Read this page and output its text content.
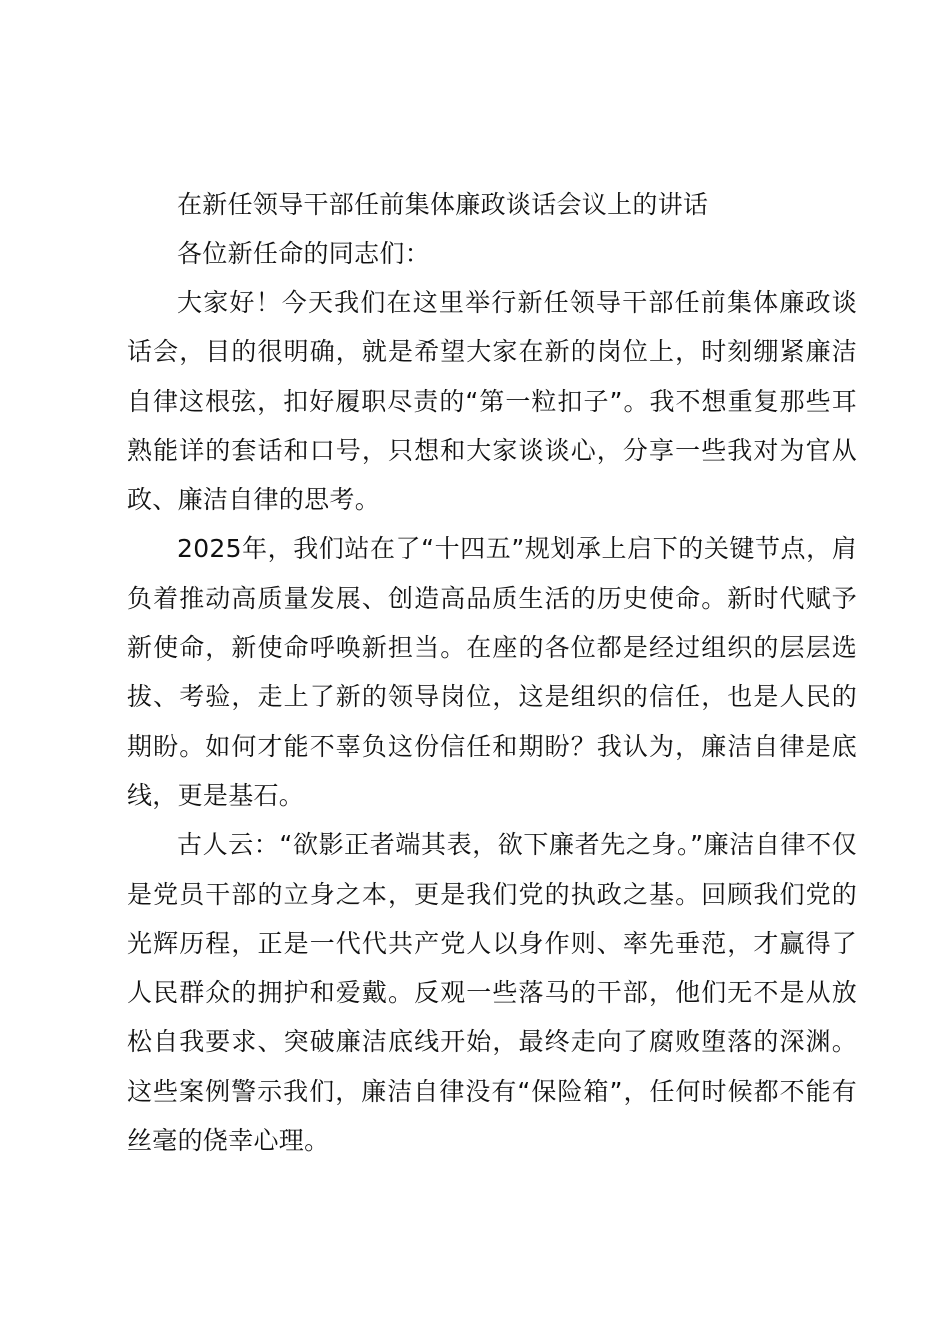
在新任领导干部任前集体廉政谈话会议上的讲话

各位新任命的同志们：

大家好！今天我们在这里举行新任领导干部任前集体廉政谈话会，目的很明确，就是希望大家在新的岗位上，时刻绷紧廉洁自律这根弦，扣好履职尽责的“第一粒扣子”。我不想重复那些耳熟能详的套话和口号，只想和大家谈谈心，分享一些我对为官从政、廉洁自律的思考。

2025年，我们站在了“十四五”规划承上启下的关键节点，肩负着推动高质量发展、创造高品质生活的历史使命。新时代赋予新使命，新使命呼唤新担当。在座的各位都是经过组织的层层选拔、考验，走上了新的领导岗位，这是组织的信任，也是人民的期盼。如何才能不辜负这份信任和期盼？我认为，廉洁自律是底线，更是基石。

古人云：“欲影正者端其表，欲下廉者先之身。”廉洁自律不仅是党员干部的立身之本，更是我们党的执政之基。回顾我们党的光辉历程，正是一代代共产党人以身作则、率先垂范，才赢得了人民群众的拥护和爱戴。反观一些落马的干部，他们无不是从放松自我要求、突破廉洁底线开始，最终走向了腐败堕落的深渊。这些案例警示我们，廉洁自律没有“保险箱”，任何时候都不能有丝毫的侥幸心理。
